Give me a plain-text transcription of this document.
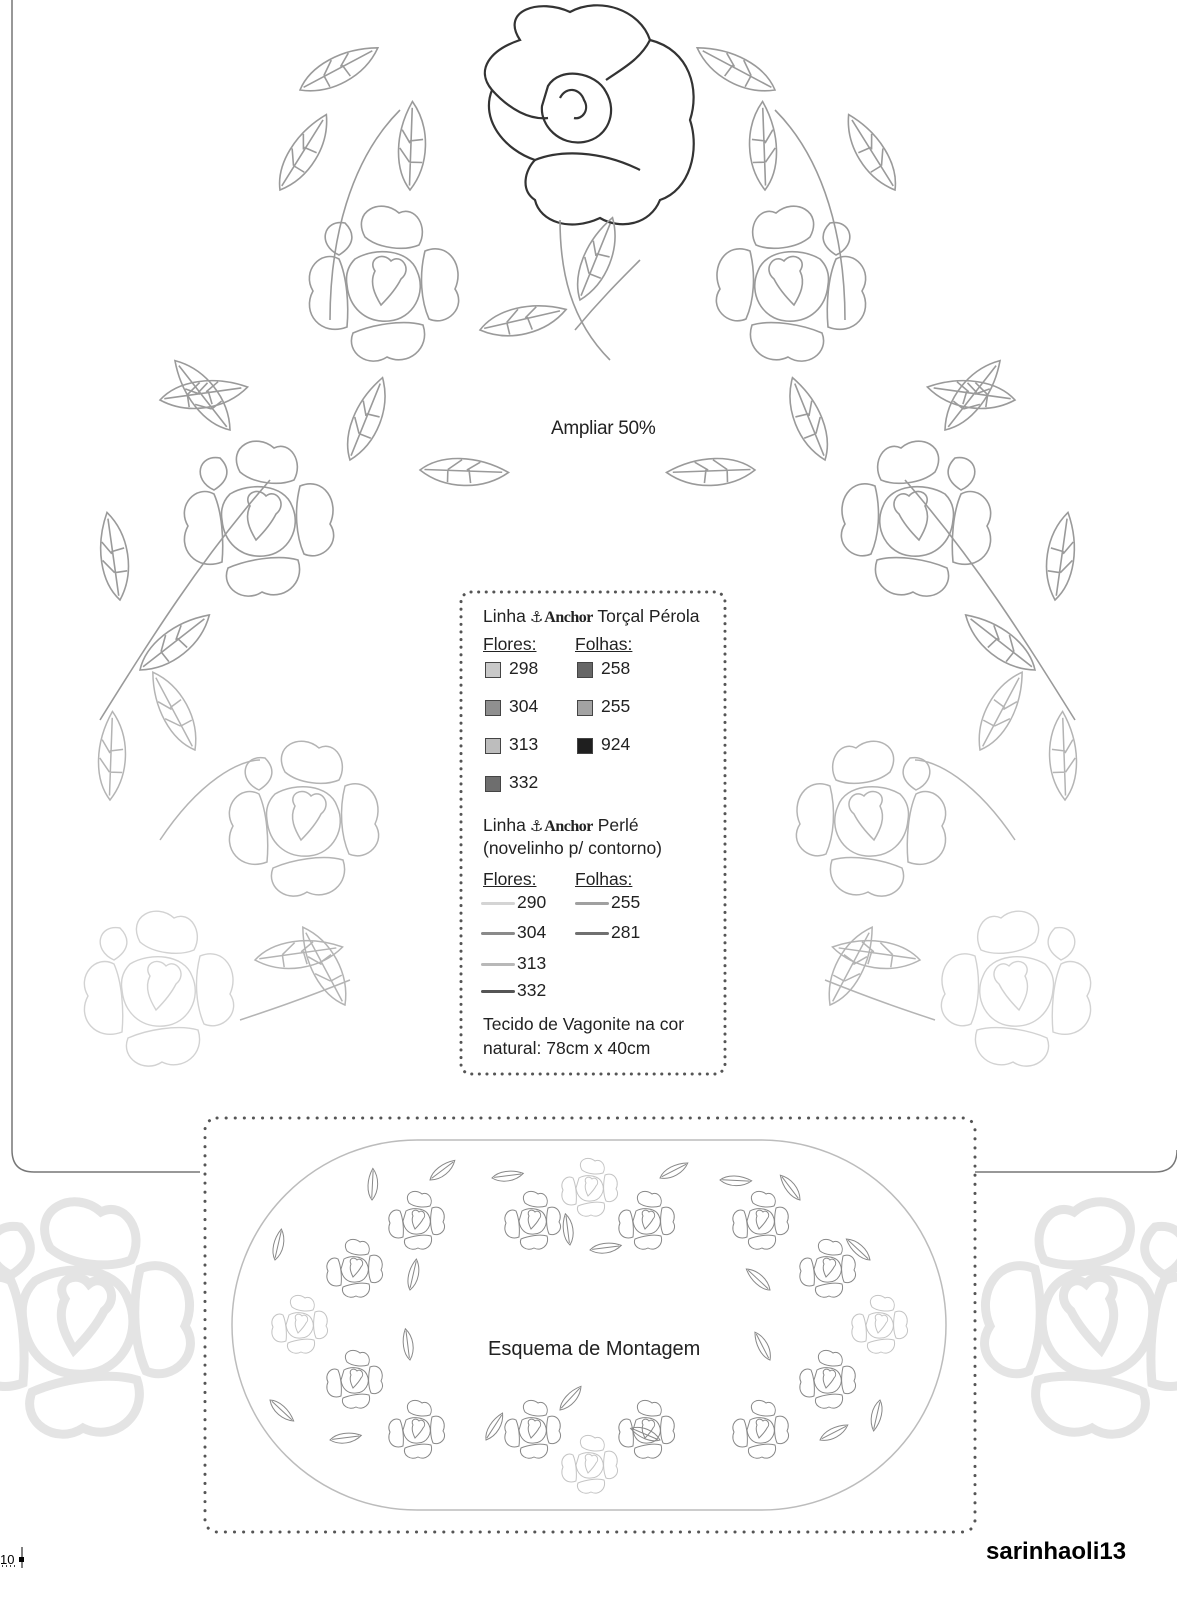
Ampliar 50%
Linha ⚓Anchor Torçal Pérola
Flores: Folhas:
298
304
313
332
258
255
924
Linha ⚓Anchor Perlé
(novelinho p/ contorno)
Flores: Folhas:
290
304
313
332
255
281
Tecido de Vagonite na cor
natural: 78cm x 40cm
Esquema de Montagem
sarinhaoli13
10
